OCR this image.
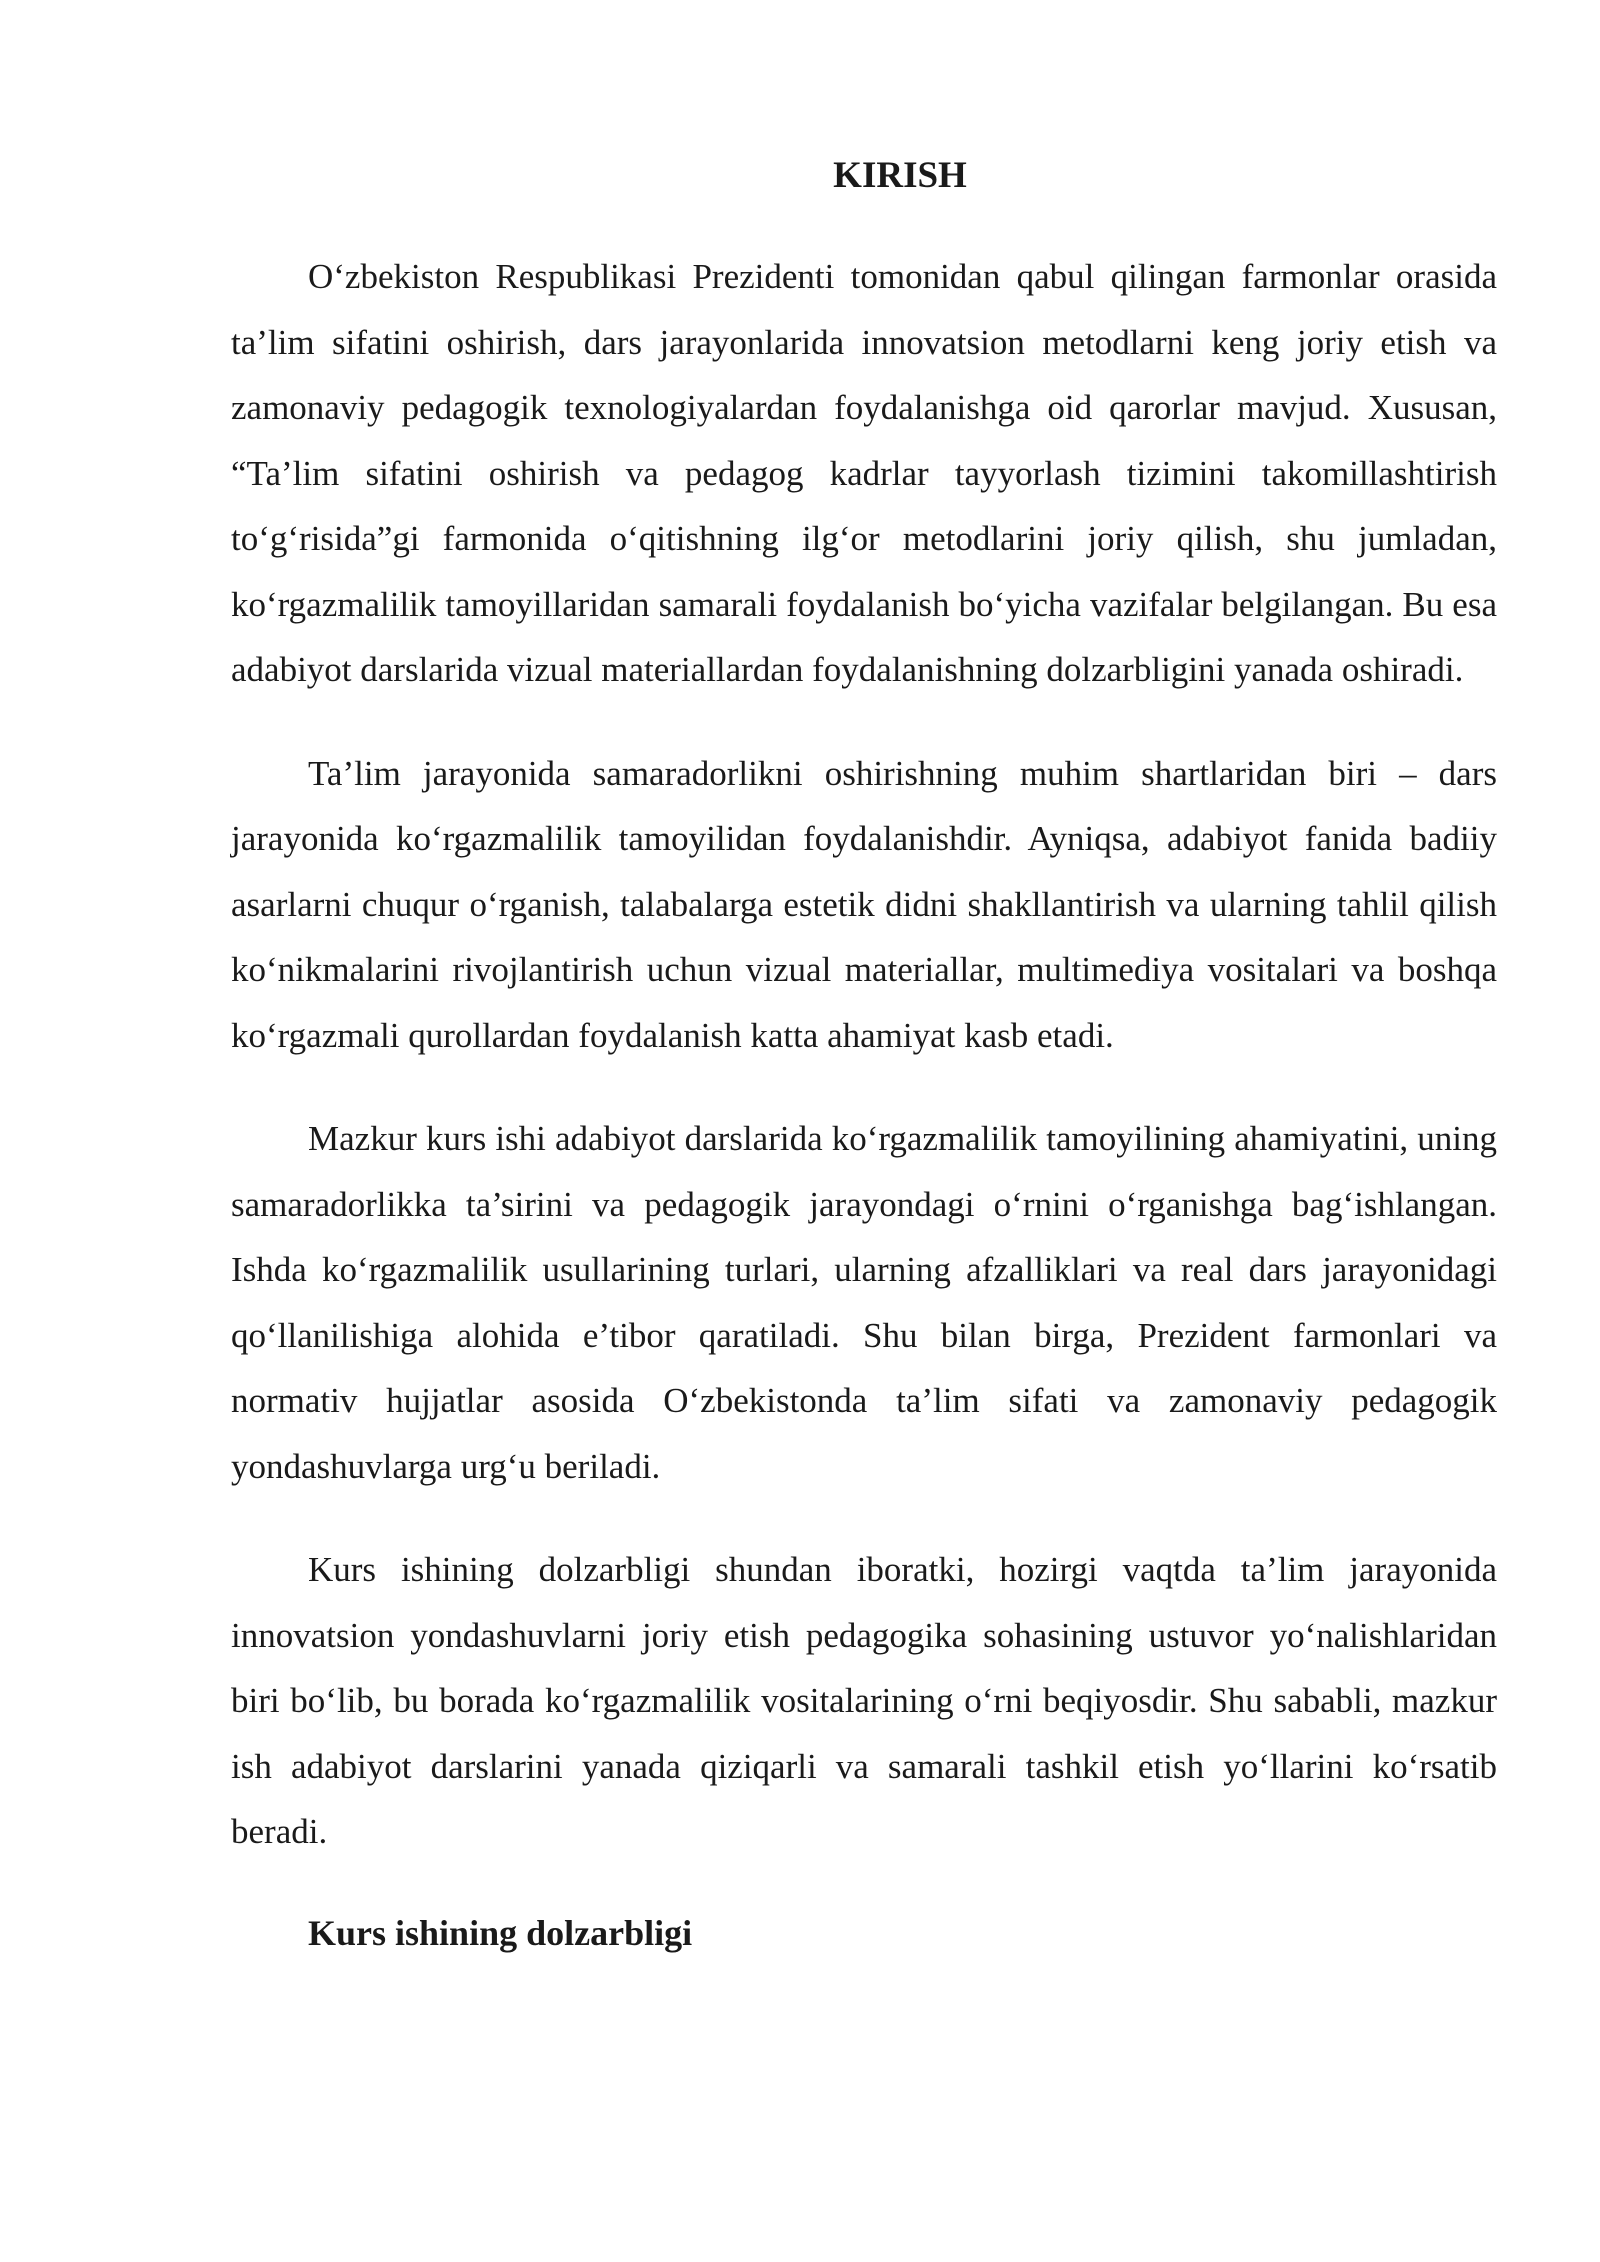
KIRISH

O‘zbekiston Respublikasi Prezidenti tomonidan qabul qilingan farmonlar orasida ta’lim sifatini oshirish, dars jarayonlarida innovatsion metodlarni keng joriy etish va zamonaviy pedagogik texnologiyalardan foydalanishga oid qarorlar mavjud. Xususan, “Ta’lim sifatini oshirish va pedagog kadrlar tayyorlash tizimini takomillashtirish to‘g‘risida”gi farmonida o‘qitishning ilg‘or metodlarini joriy qilish, shu jumladan, ko‘rgazmalilik tamoyillaridan samarali foydalanish bo‘yicha vazifalar belgilangan. Bu esa adabiyot darslarida vizual materiallardan foydalanishning dolzarbligini yanada oshiradi.

Ta’lim jarayonida samaradorlikni oshirishning muhim shartlaridan biri – dars jarayonida ko‘rgazmalilik tamoyilidan foydalanishdir. Ayniqsa, adabiyot fanida badiiy asarlarni chuqur o‘rganish, talabalarga estetik didni shakllantirish va ularning tahlil qilish ko‘nikmalarini rivojlantirish uchun vizual materiallar, multimediya vositalari va boshqa ko‘rgazmali qurollardan foydalanish katta ahamiyat kasb etadi.

Mazkur kurs ishi adabiyot darslarida ko‘rgazmalilik tamoyilining ahamiyatini, uning samaradorlikka ta’sirini va pedagogik jarayondagi o‘rnini o‘rganishga bag‘ishlangan. Ishda ko‘rgazmalilik usullarining turlari, ularning afzalliklari va real dars jarayonidagi qo‘llanilishiga alohida e’tibor qaratiladi. Shu bilan birga, Prezident farmonlari va normativ hujjatlar asosida O‘zbekistonda ta’lim sifati va zamonaviy pedagogik yondashuvlarga urg‘u beriladi.

Kurs ishining dolzarbligi shundan iboratki, hozirgi vaqtda ta’lim jarayonida innovatsion yondashuvlarni joriy etish pedagogika sohasining ustuvor yo‘nalishlaridan biri bo‘lib, bu borada ko‘rgazmalilik vositalarining o‘rni beqiyosdir. Shu sababli, mazkur ish adabiyot darslarini yanada qiziqarli va samarali tashkil etish yo‘llarini ko‘rsatib beradi.

Kurs ishining dolzarbligi
